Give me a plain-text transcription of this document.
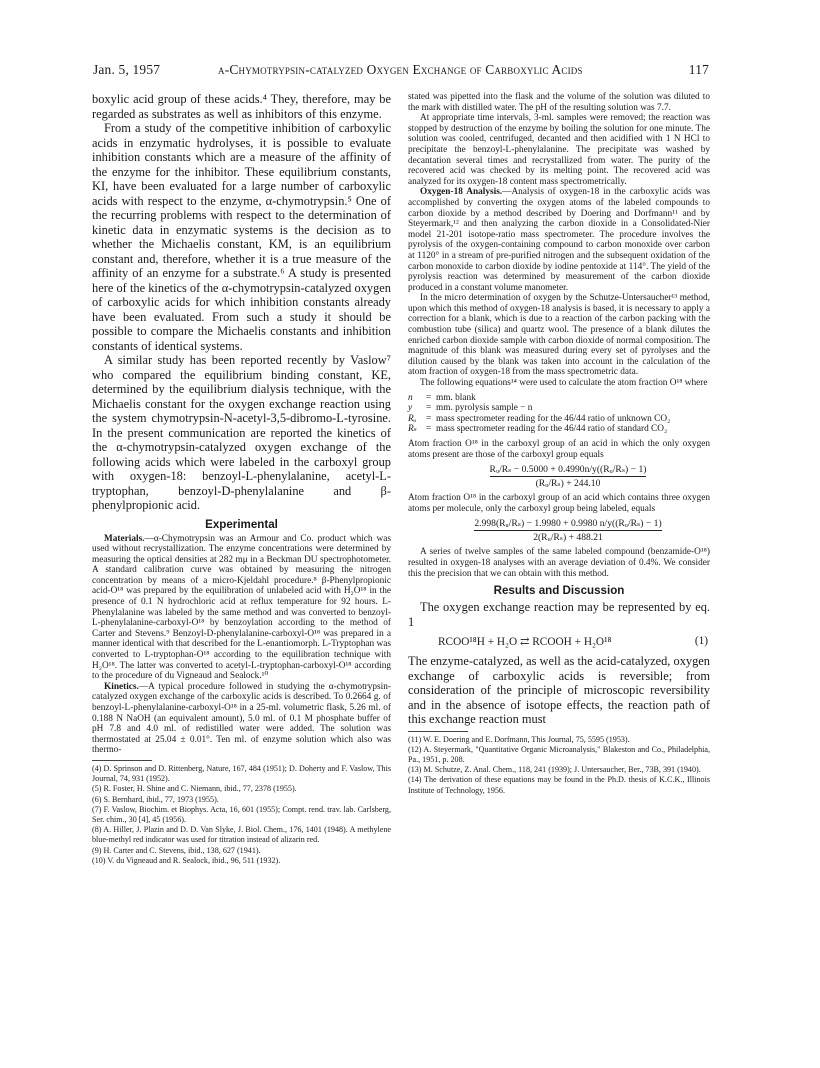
Jan. 5, 1957	α-Chymotrypsin-catalyzed Oxygen Exchange of Carboxylic Acids	117

boxylic acid group of these acids.⁴ They, therefore, may be regarded as substrates as well as inhibitors of this enzyme.

From a study of the competitive inhibition of carboxylic acids in enzymatic hydrolyses, it is possible to evaluate inhibition constants which are a measure of the affinity of the enzyme for the inhibitor. These equilibrium constants, KI, have been evaluated for a large number of carboxylic acids with respect to the enzyme, α-chymotrypsin.⁵ One of the recurring problems with respect to the determination of kinetic data in enzymatic systems is the decision as to whether the Michaelis constant, KM, is an equilibrium constant and, therefore, whether it is a true measure of the affinity of an enzyme for a substrate.⁶ A study is presented here of the kinetics of the α-chymotrypsin-catalyzed oxygen of carboxylic acids for which inhibition constants already have been evaluated. From such a study it should be possible to compare the Michaelis constants and inhibition constants of identical systems.

A similar study has been reported recently by Vaslow⁷ who compared the equilibrium binding constant, KE, determined by the equilibrium dialysis technique, with the Michaelis constant for the oxygen exchange reaction using the system chymotrypsin-N-acetyl-3,5-dibromo-L-tyrosine. In the present communication are reported the kinetics of the α-chymotrypsin-catalyzed oxygen exchange of the following acids which were labeled in the carboxyl group with oxygen-18: benzoyl-L-phenylalanine, acetyl-L-tryptophan, benzoyl-D-phenylalanine and β-phenylpropionic acid.

Experimental

Materials.—α-Chymotrypsin was an Armour and Co. product which was used without recrystallization. The enzyme concentrations were determined by measuring the optical densities at 282 mμ in a Beckman DU spectrophotometer. A standard calibration curve was obtained by measuring the nitrogen concentration by means of a micro-Kjeldahl procedure.⁸ β-Phenylpropionic acid-O¹⁸ was prepared by the equilibration of unlabeled acid with H₂O¹⁸ in the presence of 0.1 N hydrochloric acid at reflux temperature for 92 hours. L-Phenylalanine was labeled by the same method and was converted to benzoyl-L-phenylalanine-carboxyl-O¹⁸ by benzoylation according to the method of Carter and Stevens.⁹ Benzoyl-D-phenylalanine-carboxyl-O¹⁸ was prepared in a manner identical with that described for the L-enantiomorph. L-Tryptophan was converted to L-tryptophan-O¹⁸ according to the equilibration technique with H₂O¹⁸. The latter was converted to acetyl-L-tryptophan-carboxyl-O¹⁸ according to the procedure of du Vigneaud and Sealock.¹⁰

Kinetics.—A typical procedure followed in studying the α-chymotrypsin-catalyzed oxygen exchange of the carboxylic acids is described. To 0.2664 g. of benzoyl-L-phenylalanine-carboxyl-O¹⁸ in a 25-ml. volumetric flask, 5.26 ml. of 0.188 N NaOH (an equivalent amount), 5.0 ml. of 0.1 M phosphate buffer of pH 7.8 and 4.0 ml. of redistilled water were added. The solution was thermostated at 25.04 ± 0.01°. Ten ml. of enzyme solution which also was thermo-

(4) D. Sprinson and D. Rittenberg, Nature, 167, 484 (1951); D. Doherty and F. Vaslow, This Journal, 74, 931 (1952).

(5) R. Foster, H. Shine and C. Niemann, ibid., 77, 2378 (1955).

(6) S. Bernhard, ibid., 77, 1973 (1955).

(7) F. Vaslow, Biochim. et Biophys. Acta, 16, 601 (1955); Compt. rend. trav. lab. Carlsberg, Ser. chim., 30 [4], 45 (1956).

(8) A. Hiller, J. Plazin and D. D. Van Slyke, J. Biol. Chem., 176, 1401 (1948). A methylene blue-methyl red indicator was used for titration instead of alizarin red.

(9) H. Carter and C. Stevens, ibid., 138, 627 (1941).

(10) V. du Vigneaud and R. Sealock, ibid., 96, 511 (1932).

stated was pipetted into the flask and the volume of the solution was diluted to the mark with distilled water. The pH of the resulting solution was 7.7.

At appropriate time intervals, 3-ml. samples were removed; the reaction was stopped by destruction of the enzyme by boiling the solution for one minute. The solution was cooled, centrifuged, decanted and then acidified with 1 N HCl to precipitate the benzoyl-L-phenylalanine. The precipitate was washed by decantation several times and recrystallized from water. The purity of the recovered acid was checked by its melting point. The recovered acid was analyzed for its oxygen-18 content mass spectrometrically.

Oxygen-18 Analysis.—Analysis of oxygen-18 in the carboxylic acids was accomplished by converting the oxygen atoms of the labeled compounds to carbon dioxide by a method described by Doering and Dorfmann¹¹ and by Steyermark,¹² and then analyzing the carbon dioxide in a Consolidated-Nier model 21-201 isotope-ratio mass spectrometer. The procedure involves the pyrolysis of the oxygen-containing compound to carbon monoxide over carbon at 1120° in a stream of pre-purified nitrogen and the subsequent oxidation of the carbon monoxide to carbon dioxide by iodine pentoxide at 114°. The yield of the pyrolysis reaction was determined by measurement of the carbon dioxide produced in a constant volume manometer.

In the micro determination of oxygen by the Schutze-Untersaucher¹³ method, upon which this method of oxygen-18 analysis is based, it is necessary to apply a correction for a blank, which is due to a reaction of the carbon packing with the combustion tube (silica) and quartz wool. The presence of a blank dilutes the enriched carbon dioxide sample with carbon dioxide of normal composition. The magnitude of this blank was measured during every set of pyrolyses and the dilution caused by the blank was taken into account in the calculation of the atom fraction of oxygen-18 from the mass spectrometric data.

The following equations¹⁴ were used to calculate the atom fraction O¹⁸ where

n	= mm. blank
y	= mm. pyrolysis sample − n
Rᵤ	= mass spectrometer reading for the 46/44 ratio of unknown CO₂
Rₛ = mass spectrometer reading for the 46/44 ratio of standard CO₂

Atom fraction O¹⁸ in the carboxyl group of an acid in which the only oxygen atoms present are those of the carboxyl group equals

Rᵤ/Rₛ − 0.5000 + 0.4990n/y((Rᵤ/Rₛ) − 1)
(Rᵤ/Rₛ) + 244.10

Atom fraction O¹⁸ in the carboxyl group of an acid which contains three oxygen atoms per molecule, only the carboxyl group being labeled, equals

2.998(Rᵤ/Rₛ) − 1.9980 + 0.9980 n/y((Rᵤ/Rₛ) − 1)
2(Rᵤ/Rₛ) + 488.21

A series of twelve samples of the same labeled compound (benzamide-O¹⁸) resulted in oxygen-18 analyses with an average deviation of 0.4%. We consider this the precision that we can obtain with this method.

Results and Discussion

The oxygen exchange reaction may be represented by eq. 1

RCOO¹⁸H + H₂O ⇄ RCOOH + H₂O¹⁸	(1)

The enzyme-catalyzed, as well as the acid-catalyzed, oxygen exchange of carboxylic acids is reversible; from consideration of the principle of microscopic reversibility and in the absence of isotope effects, the reaction path of this exchange reaction must

(11) W. E. Doering and E. Dorfmann, This Journal, 75, 5595 (1953).

(12) A. Steyermark, "Quantitative Organic Microanalysis," Blakeston and Co., Philadelphia, Pa., 1951, p. 208.

(13) M. Schutze, Z. Anal. Chem., 118, 241 (1939); J. Untersaucher, Ber., 73B, 391 (1940).

(14) The derivation of these equations may be found in the Ph.D. thesis of K.C.K., Illinois Institute of Technology, 1956.
